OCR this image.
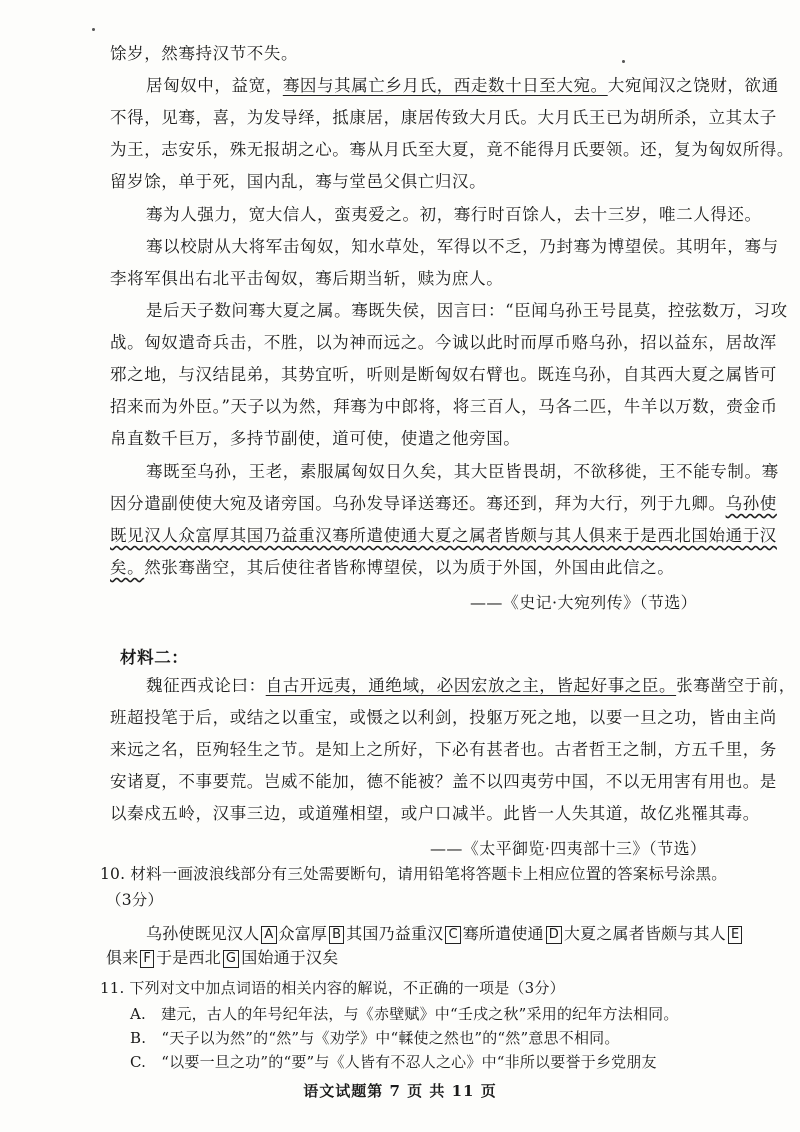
馀岁，然骞持汉节不失。
居匈奴中，益宽，骞因与其属亡乡月氏，西走数十日至大宛。大宛闻汉之饶财，欲通
不得，见骞，喜，为发导绎，抵康居，康居传致大月氏。大月氏王已为胡所杀，立其太子
为王，志安乐，殊无报胡之心。骞从月氏至大夏，竟不能得月氏要领。还，复为匈奴所得。
留岁馀，单于死，国内乱，骞与堂邑父俱亡归汉。
骞为人强力，宽大信人，蛮夷爱之。初，骞行时百馀人，去十三岁，唯二人得还。
骞以校尉从大将军击匈奴，知水草处，军得以不乏，乃封骞为博望侯。其明年，骞与
李将军俱出右北平击匈奴，骞后期当斩，赎为庶人。
是后天子数问骞大夏之属。骞既失侯，因言曰：“臣闻乌孙王号昆莫，控弦数万，习攻
战。匈奴遣奇兵击，不胜，以为神而远之。今诚以此时而厚币赂乌孙，招以益东，居故浑
邪之地，与汉结昆弟，其势宜听，听则是断匈奴右臂也。既连乌孙，自其西大夏之属皆可
招来而为外臣。”天子以为然，拜骞为中郎将，将三百人，马各二匹，牛羊以万数，赍金币
帛直数千巨万，多持节副使，道可使，使遣之他旁国。
骞既至乌孙，王老，素服属匈奴日久矣，其大臣皆畏胡，不欲移徙，王不能专制。骞
因分遣副使使大宛及诸旁国。乌孙发导译送骞还。骞还到，拜为大行，列于九卿。乌孙使
既见汉人众富厚其国乃益重汉骞所遣使通大夏之属者皆颇与其人俱来于是西北国始通于汉
矣。然张骞凿空，其后使往者皆称博望侯，以为质于外国，外国由此信之。
——《史记·大宛列传》（节选）
材料二：
魏征西戎论曰：自古开远夷，通绝域，必因宏放之主，皆起好事之臣。张骞凿空于前，
班超投笔于后，或结之以重宝，或慑之以利剑，投躯万死之地，以要一旦之功，皆由主尚
来远之名，臣殉轻生之节。是知上之所好，下必有甚者也。古者哲王之制，方五千里，务
安诸夏，不事要荒。岂威不能加，德不能被？盖不以四夷劳中国，不以无用害有用也。是
以秦戍五岭，汉事三边，或道殣相望，或户口减半。此皆一人失其道，故亿兆罹其毒。
——《太平御览·四夷部十三》（节选）
10. 材料一画波浪线部分有三处需要断句，请用铅笔将答题卡上相应位置的答案标号涂黑。
（3分）
乌孙使既见汉人 A 众富厚 B 其国乃益重汉 C 骞所遣使通 D 大夏之属者皆颇与其人 E
俱来 F 于是西北 G 国始通于汉矣
语文试题第 7 页 共 11 页
11. 下列对文中加点词语的相关内容的解说，不正确的一项是（3分）
A.　建元，古人的年号纪年法，与《赤壁赋》中“壬戌之秋”采用的纪年方法相同。
B.　“天子以为然”的“然”与《劝学》中“輮使之然也”的“然”意思不相同。
C.　“以要一旦之功”的“要”与《人皆有不忍人之心》中“非所以要誉于乡党朋友
